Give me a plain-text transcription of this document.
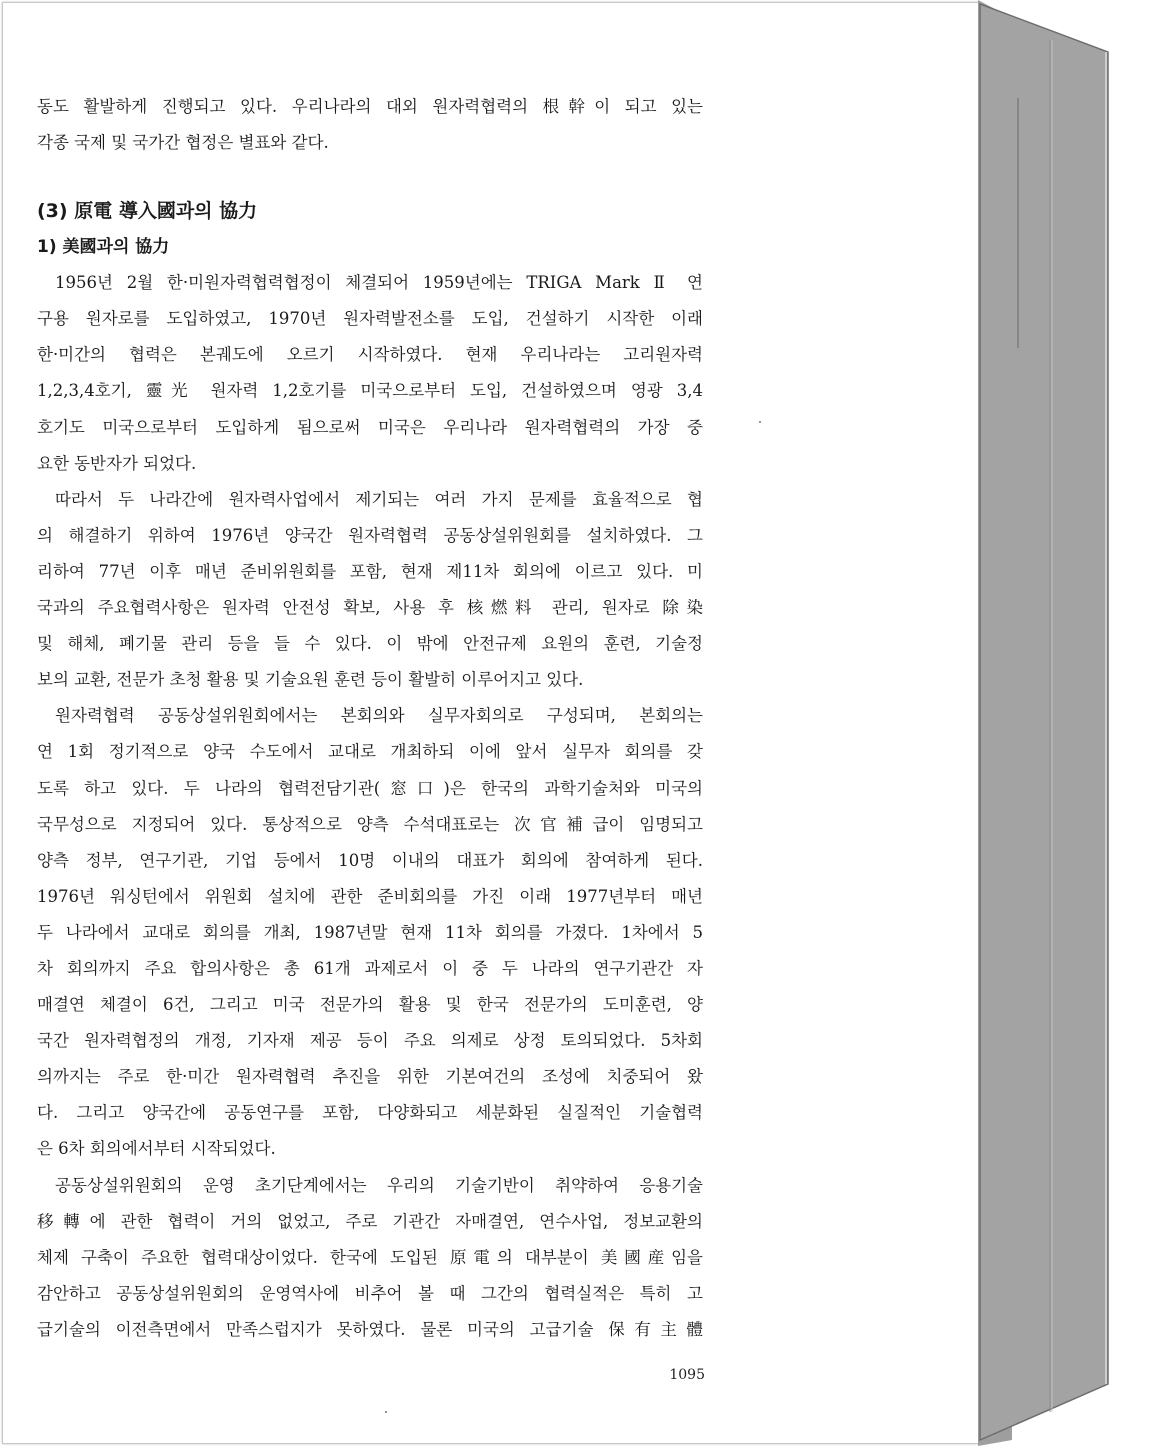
동도 활발하게 진행되고 있다. 우리나라의 대외 원자력협력의 根幹이 되고 있는

각종 국제 및 국가간 협정은 별표와 같다.

(3) 原電 導入國과의 協力
1) 美國과의 協力

1956년 2월 한·미원자력협력협정이 체결되어 1959년에는 TRIGA Mark Ⅱ 연

구용 원자로를 도입하였고, 1970년 원자력발전소를 도입, 건설하기 시작한 이래

한·미간의 협력은 본궤도에 오르기 시작하였다. 현재 우리나라는 고리원자력

1,2,3,4호기, 靈光 원자력 1,2호기를 미국으로부터 도입, 건설하였으며 영광 3,4

호기도 미국으로부터 도입하게 됨으로써 미국은 우리나라 원자력협력의 가장 중

요한 동반자가 되었다.

따라서 두 나라간에 원자력사업에서 제기되는 여러 가지 문제를 효율적으로 협

의 해결하기 위하여 1976년 양국간 원자력협력 공동상설위원회를 설치하였다. 그

리하여 77년 이후 매년 준비위원회를 포함, 현재 제11차 회의에 이르고 있다. 미

국과의 주요협력사항은 원자력 안전성 확보, 사용 후 核燃料 관리, 원자로 除染

및 해체, 폐기물 관리 등을 들 수 있다. 이 밖에 안전규제 요원의 훈련, 기술정

보의 교환, 전문가 초청 활용 및 기술요원 훈련 등이 활발히 이루어지고 있다.

원자력협력 공동상설위원회에서는 본회의와 실무자회의로 구성되며, 본회의는

연 1회 정기적으로 양국 수도에서 교대로 개최하되 이에 앞서 실무자 회의를 갖

도록 하고 있다. 두 나라의 협력전담기관(窓口)은 한국의 과학기술처와 미국의

국무성으로 지정되어 있다. 통상적으로 양측 수석대표로는 次官補급이 임명되고

양측 정부, 연구기관, 기업 등에서 10명 이내의 대표가 회의에 참여하게 된다.

1976년 워싱턴에서 위원회 설치에 관한 준비회의를 가진 이래 1977년부터 매년

두 나라에서 교대로 회의를 개최, 1987년말 현재 11차 회의를 가졌다. 1차에서 5

차 회의까지 주요 합의사항은 총 61개 과제로서 이 중 두 나라의 연구기관간 자

매결연 체결이 6건, 그리고 미국 전문가의 활용 및 한국 전문가의 도미훈련, 양

국간 원자력협정의 개정, 기자재 제공 등이 주요 의제로 상정 토의되었다. 5차회

의까지는 주로 한·미간 원자력협력 추진을 위한 기본여건의 조성에 치중되어 왔

다. 그리고 양국간에 공동연구를 포함, 다양화되고 세분화된 실질적인 기술협력

은 6차 회의에서부터 시작되었다.

공동상설위원회의 운영 초기단계에서는 우리의 기술기반이 취약하여 응용기술

移轉에 관한 협력이 거의 없었고, 주로 기관간 자매결연, 연수사업, 정보교환의

체제 구축이 주요한 협력대상이었다. 한국에 도입된 原電의 대부분이 美國産임을

감안하고 공동상설위원회의 운영역사에 비추어 볼 때 그간의 협력실적은 특히 고

급기술의 이전측면에서 만족스럽지가 못하였다. 물론 미국의 고급기술 保有主體

1095
